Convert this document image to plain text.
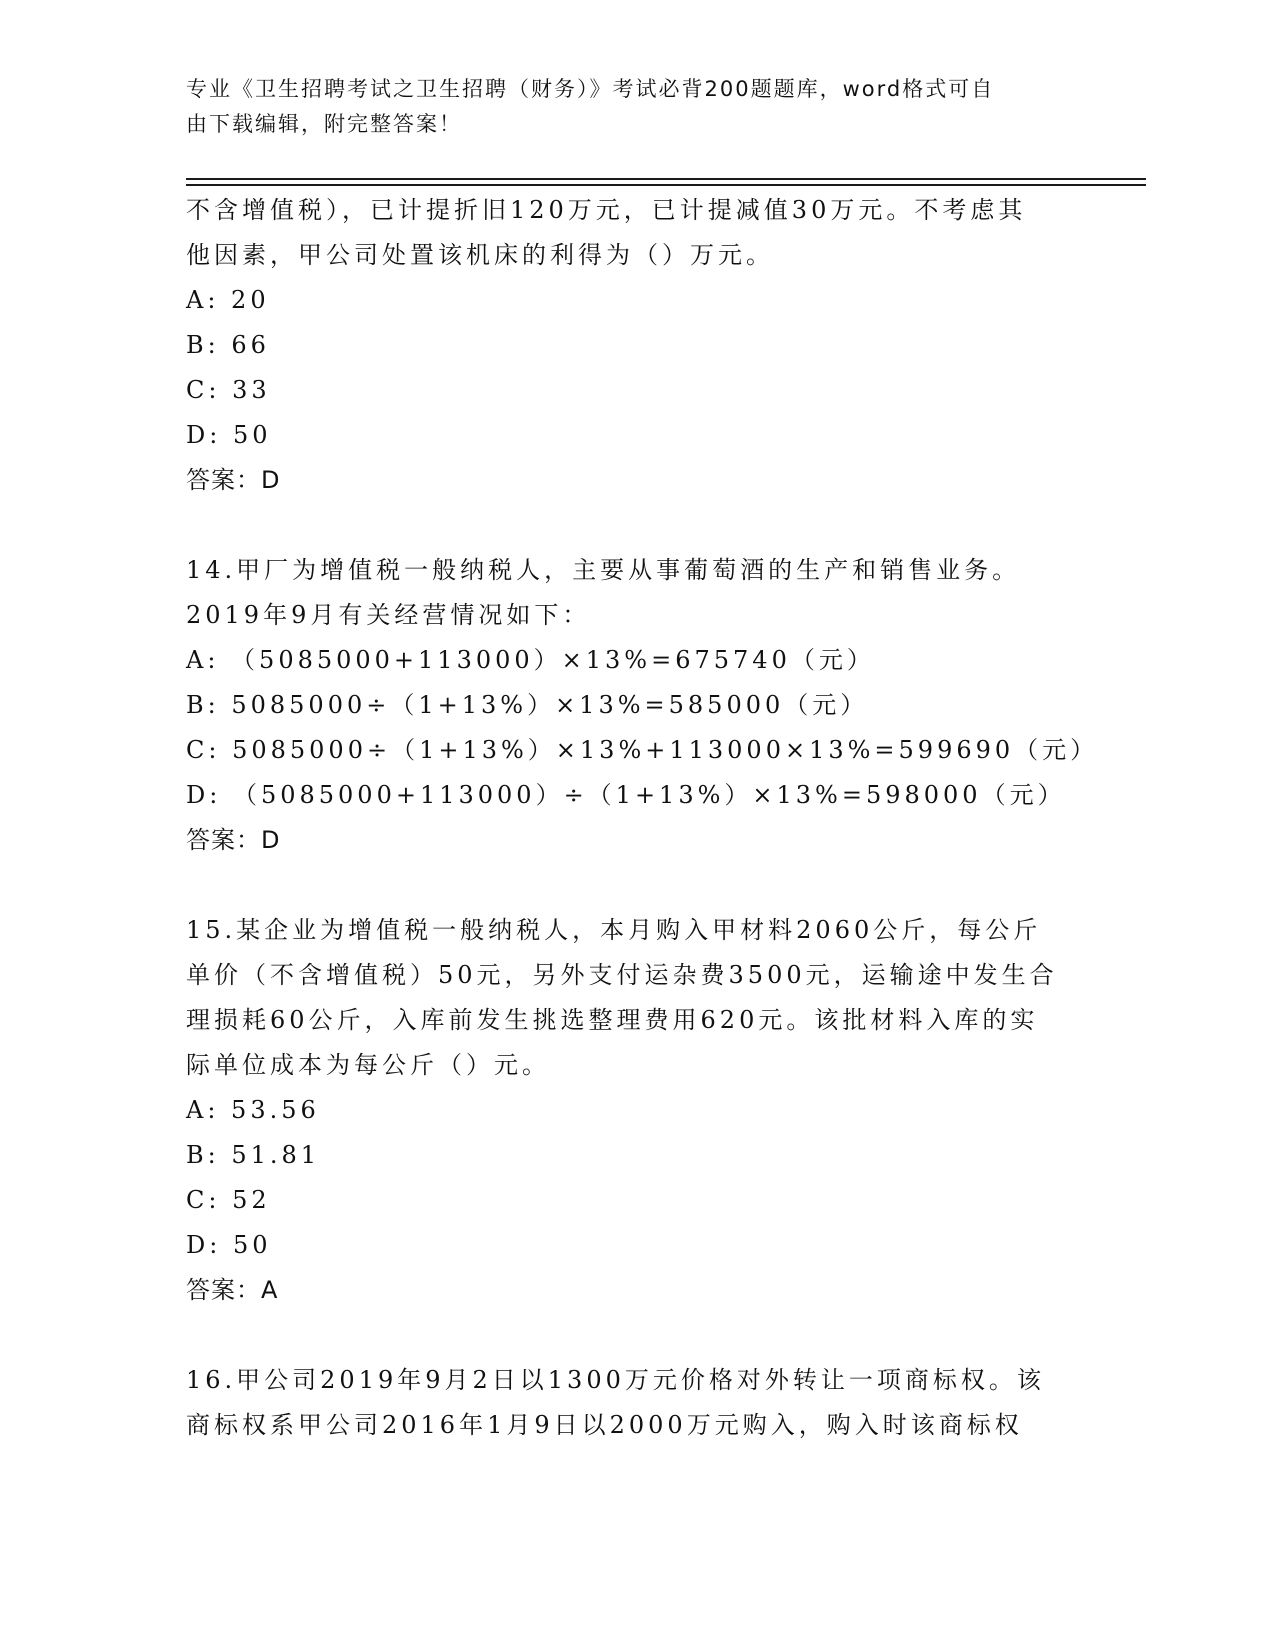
专业《卫生招聘考试之卫生招聘（财务）》考试必背200题题库，word格式可自
由下载编辑，附完整答案！
不含增值税），已计提折旧120万元，已计提减值30万元。不考虑其
他因素，甲公司处置该机床的利得为（）万元。
A: 20
B: 66
C: 33
D: 50
答案：D
14.甲厂为增值税一般纳税人，主要从事葡萄酒的生产和销售业务。
2019年9月有关经营情况如下：
A: （5085000+113000）×13%=675740（元）
B: 5085000÷（1+13%）×13%=585000（元）
C: 5085000÷（1+13%）×13%+113000×13%=599690（元）
D: （5085000+113000）÷（1+13%）×13%=598000（元）
答案：D
15.某企业为增值税一般纳税人，本月购入甲材料2060公斤，每公斤
单价（不含增值税）50元，另外支付运杂费3500元，运输途中发生合
理损耗60公斤，入库前发生挑选整理费用620元。该批材料入库的实
际单位成本为每公斤（）元。
A: 53.56
B: 51.81
C: 52
D: 50
答案：A
16.甲公司2019年9月2日以1300万元价格对外转让一项商标权。该
商标权系甲公司2016年1月9日以2000万元购入，购入时该商标权
